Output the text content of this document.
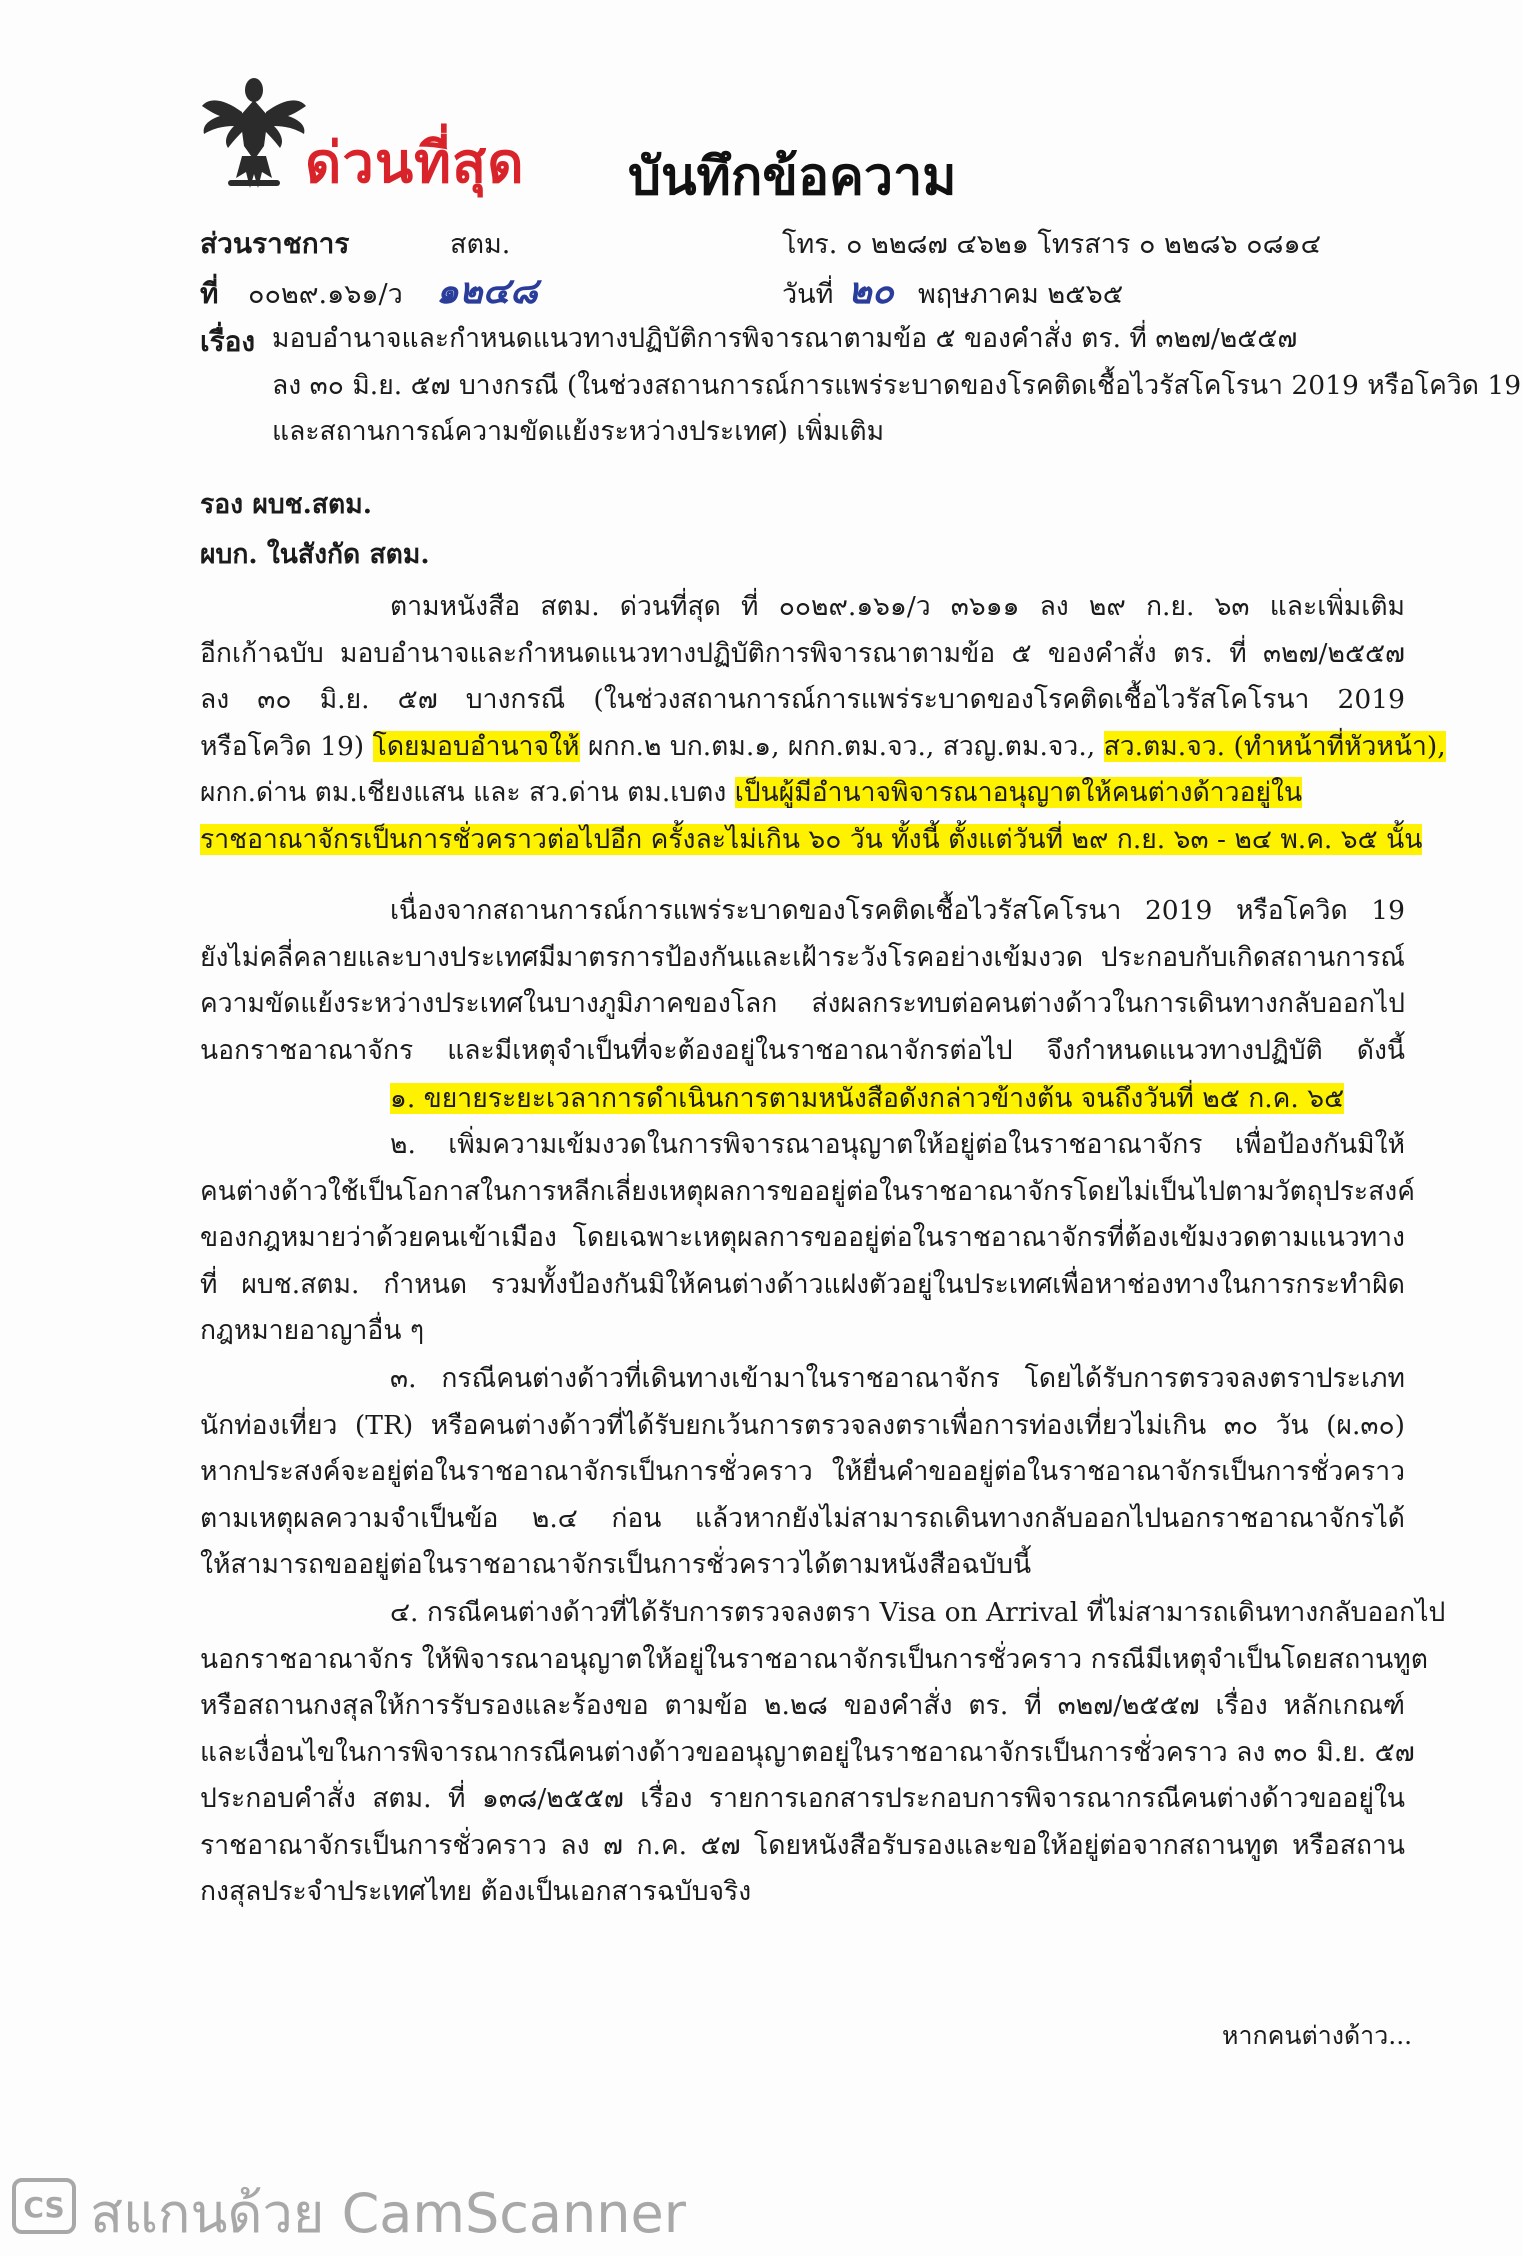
ด่วนที่สุด บันทึกข้อความ
ส่วนราชการ	สตม.	โทร. ๐ ๒๒๘๗ ๔๖๒๑ โทรสาร ๐ ๒๒๘๖ ๐๘๑๔
ที่ ๐๐๒๙.๑๖๑/ว ๑๒๔๘	วันที่ ๒๐ พฤษภาคม ๒๕๖๕
เรื่อง มอบอำนาจและกำหนดแนวทางปฏิบัติการพิจารณาตามข้อ ๕ ของคำสั่ง ตร. ที่ ๓๒๗/๒๕๕๗
ลง ๓๐ มิ.ย. ๕๗ บางกรณี (ในช่วงสถานการณ์การแพร่ระบาดของโรคติดเชื้อไวรัสโคโรนา 2019 หรือโควิด 19
และสถานการณ์ความขัดแย้งระหว่างประเทศ) เพิ่มเติม
รอง ผบช.สตม.
ผบก. ในสังกัด สตม.
ตามหนังสือ สตม. ด่วนที่สุด ที่ ๐๐๒๙.๑๖๑/ว ๓๖๑๑ ลง ๒๙ ก.ย. ๖๓ และเพิ่มเติม
อีกเก้าฉบับ มอบอำนาจและกำหนดแนวทางปฏิบัติการพิจารณาตามข้อ ๕ ของคำสั่ง ตร. ที่ ๓๒๗/๒๕๕๗
ลง ๓๐ มิ.ย. ๕๗ บางกรณี (ในช่วงสถานการณ์การแพร่ระบาดของโรคติดเชื้อไวรัสโคโรนา 2019
หรือโควิด 19) โดยมอบอำนาจให้ ผกก.๒ บก.ตม.๑, ผกก.ตม.จว., สวญ.ตม.จว., สว.ตม.จว. (ทำหน้าที่หัวหน้า),
ผกก.ด่าน ตม.เชียงแสน และ สว.ด่าน ตม.เบตง เป็นผู้มีอำนาจพิจารณาอนุญาตให้คนต่างด้าวอยู่ใน
ราชอาณาจักรเป็นการชั่วคราวต่อไปอีก ครั้งละไม่เกิน ๖๐ วัน ทั้งนี้ ตั้งแต่วันที่ ๒๙ ก.ย. ๖๓ - ๒๔ พ.ค. ๖๕ นั้น
เนื่องจากสถานการณ์การแพร่ระบาดของโรคติดเชื้อไวรัสโคโรนา 2019 หรือโควิด 19
ยังไม่คลี่คลายและบางประเทศมีมาตรการป้องกันและเฝ้าระวังโรคอย่างเข้มงวด ประกอบกับเกิดสถานการณ์
ความขัดแย้งระหว่างประเทศในบางภูมิภาคของโลก ส่งผลกระทบต่อคนต่างด้าวในการเดินทางกลับออกไป
นอกราชอาณาจักร และมีเหตุจำเป็นที่จะต้องอยู่ในราชอาณาจักรต่อไป จึงกำหนดแนวทางปฏิบัติ ดังนี้
๑. ขยายระยะเวลาการดำเนินการตามหนังสือดังกล่าวข้างต้น จนถึงวันที่ ๒๕ ก.ค. ๖๕
๒. เพิ่มความเข้มงวดในการพิจารณาอนุญาตให้อยู่ต่อในราชอาณาจักร เพื่อป้องกันมิให้
คนต่างด้าวใช้เป็นโอกาสในการหลีกเลี่ยงเหตุผลการขออยู่ต่อในราชอาณาจักรโดยไม่เป็นไปตามวัตถุประสงค์
ของกฎหมายว่าด้วยคนเข้าเมือง โดยเฉพาะเหตุผลการขออยู่ต่อในราชอาณาจักรที่ต้องเข้มงวดตามแนวทาง
ที่ ผบช.สตม. กำหนด รวมทั้งป้องกันมิให้คนต่างด้าวแฝงตัวอยู่ในประเทศเพื่อหาช่องทางในการกระทำผิด
กฎหมายอาญาอื่น ๆ
๓. กรณีคนต่างด้าวที่เดินทางเข้ามาในราชอาณาจักร โดยได้รับการตรวจลงตราประเภท
นักท่องเที่ยว (TR) หรือคนต่างด้าวที่ได้รับยกเว้นการตรวจลงตราเพื่อการท่องเที่ยวไม่เกิน ๓๐ วัน (ผ.๓๐)
หากประสงค์จะอยู่ต่อในราชอาณาจักรเป็นการชั่วคราว ให้ยื่นคำขออยู่ต่อในราชอาณาจักรเป็นการชั่วคราว
ตามเหตุผลความจำเป็นข้อ ๒.๔ ก่อน แล้วหากยังไม่สามารถเดินทางกลับออกไปนอกราชอาณาจักรได้
ให้สามารถขออยู่ต่อในราชอาณาจักรเป็นการชั่วคราวได้ตามหนังสือฉบับนี้
๔. กรณีคนต่างด้าวที่ได้รับการตรวจลงตรา Visa on Arrival ที่ไม่สามารถเดินทางกลับออกไป
นอกราชอาณาจักร ให้พิจารณาอนุญาตให้อยู่ในราชอาณาจักรเป็นการชั่วคราว กรณีมีเหตุจำเป็นโดยสถานทูต
หรือสถานกงสุลให้การรับรองและร้องขอ ตามข้อ ๒.๒๘ ของคำสั่ง ตร. ที่ ๓๒๗/๒๕๕๗ เรื่อง หลักเกณฑ์
และเงื่อนไขในการพิจารณากรณีคนต่างด้าวขออนุญาตอยู่ในราชอาณาจักรเป็นการชั่วคราว ลง ๓๐ มิ.ย. ๕๗
ประกอบคำสั่ง สตม. ที่ ๑๓๘/๒๕๕๗ เรื่อง รายการเอกสารประกอบการพิจารณากรณีคนต่างด้าวขออยู่ใน
ราชอาณาจักรเป็นการชั่วคราว ลง ๗ ก.ค. ๕๗ โดยหนังสือรับรองและขอให้อยู่ต่อจากสถานทูต หรือสถาน
กงสุลประจำประเทศไทย ต้องเป็นเอกสารฉบับจริง
หากคนต่างด้าว...
CS สแกนด้วย CamScanner
